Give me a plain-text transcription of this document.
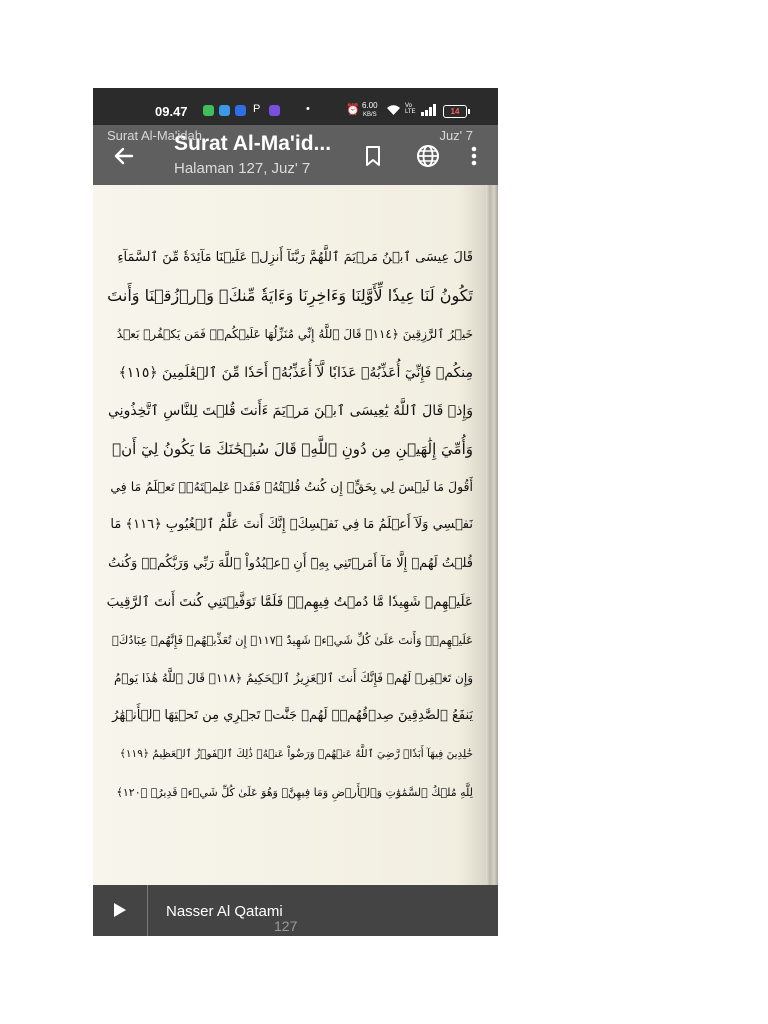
09.47	P	•	⏰ 6.00
KB/S
Vo LTE	14
Surat Al-Ma'id...
Halaman 127, Juz' 7
Surat Al-Ma'idah	Juz' 7
قَالَ عِيسَى ٱبۡنُ مَرۡيَمَ ٱللَّهُمَّ رَبَّنَآ أَنزِلۡ عَلَيۡنَا مَآئِدَةٗ مِّنَ ٱلسَّمَآءِ
تَكُونُ لَنَا عِيدٗا لِّأَوَّلِنَا وَءَاخِرِنَا وَءَايَةٗ مِّنكَۖ وَٱرۡزُقۡنَا وَأَنتَ
خَيۡرُ ٱلرَّٰزِقِينَ ﴿١١٤﴾ قَالَ ٱللَّهُ إِنِّي مُنَزِّلُهَا عَلَيۡكُمۡۖ فَمَن يَكۡفُرۡ بَعۡدُ
مِنكُمۡ فَإِنِّيٓ أُعَذِّبُهُۥ عَذَابٗا لَّآ أُعَذِّبُهُۥٓ أَحَدٗا مِّنَ ٱلۡعَٰلَمِينَ ﴿١١٥﴾
وَإِذۡ قَالَ ٱللَّهُ يَٰعِيسَى ٱبۡنَ مَرۡيَمَ ءَأَنتَ قُلۡتَ لِلنَّاسِ ٱتَّخِذُونِي
وَأُمِّيَ إِلَٰهَيۡنِ مِن دُونِ ٱللَّهِۖ قَالَ سُبۡحَٰنَكَ مَا يَكُونُ لِيٓ أَنۡ
أَقُولَ مَا لَيۡسَ لِي بِحَقٍّۚ إِن كُنتُ قُلۡتُهُۥ فَقَدۡ عَلِمۡتَهُۥۚ تَعۡلَمُ مَا فِي
نَفۡسِي وَلَآ أَعۡلَمُ مَا فِي نَفۡسِكَۚ إِنَّكَ أَنتَ عَلَّٰمُ ٱلۡغُيُوبِ ﴿١١٦﴾ مَا
قُلۡتُ لَهُمۡ إِلَّا مَآ أَمَرۡتَنِي بِهِۦٓ أَنِ ٱعۡبُدُواْ ٱللَّهَ رَبِّي وَرَبَّكُمۡۚ وَكُنتُ
عَلَيۡهِمۡ شَهِيدٗا مَّا دُمۡتُ فِيهِمۡۖ فَلَمَّا تَوَفَّيۡتَنِي كُنتَ أَنتَ ٱلرَّقِيبَ
عَلَيۡهِمۡۚ وَأَنتَ عَلَىٰ كُلِّ شَيۡءٖ شَهِيدٌ ﴿١١٧﴾ إِن تُعَذِّبۡهُمۡ فَإِنَّهُمۡ عِبَادُكَۖ
وَإِن تَغۡفِرۡ لَهُمۡ فَإِنَّكَ أَنتَ ٱلۡعَزِيزُ ٱلۡحَكِيمُ ﴿١١٨﴾ قَالَ ٱللَّهُ هَٰذَا يَوۡمُ
يَنفَعُ ٱلصَّٰدِقِينَ صِدۡقُهُمۡۚ لَهُمۡ جَنَّٰتٞ تَجۡرِي مِن تَحۡتِهَا ٱلۡأَنۡهَٰرُ
خَٰلِدِينَ فِيهَآ أَبَدٗاۖ رَّضِيَ ٱللَّهُ عَنۡهُمۡ وَرَضُواْ عَنۡهُۚ ذَٰلِكَ ٱلۡفَوۡزُ ٱلۡعَظِيمُ ﴿١١٩﴾
لِلَّهِ مُلۡكُ ٱلسَّمَٰوَٰتِ وَٱلۡأَرۡضِ وَمَا فِيهِنَّۚ وَهُوَ عَلَىٰ كُلِّ شَيۡءٖ قَدِيرُۢ ﴿١٢٠﴾
Nasser Al Qatami
127
